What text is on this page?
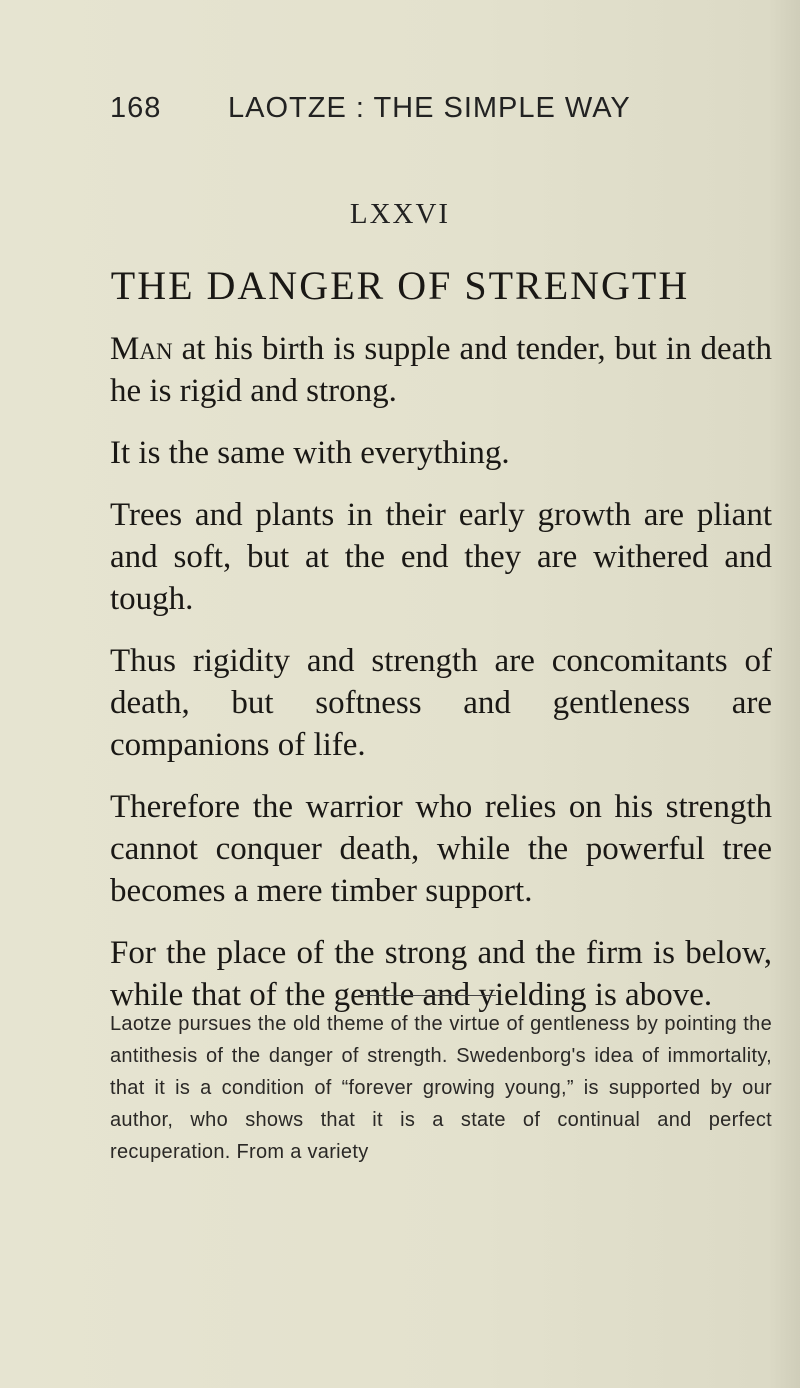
168 LAOTZE : THE SIMPLE WAY
LXXVI
THE DANGER OF STRENGTH

Man at his birth is supple and tender, but in death he is rigid and strong.

It is the same with everything.

Trees and plants in their early growth are pliant and soft, but at the end they are withered and tough.

Thus rigidity and strength are concomitants of death, but softness and gentleness are companions of life.

Therefore the warrior who relies on his strength cannot conquer death, while the powerful tree becomes a mere timber support.

For the place of the strong and the firm is below, while that of the gentle and yielding is above.

Laotze pursues the old theme of the virtue of gentleness by pointing the antithesis of the danger of strength. Swedenborg's idea of immortality, that it is a condition of “forever growing young,” is supported by our author, who shows that it is a state of continual and perfect recuperation. From a variety
